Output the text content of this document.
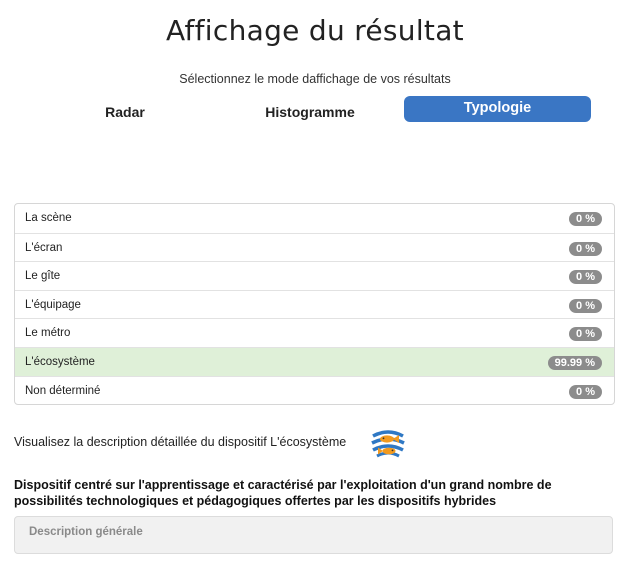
Affichage du résultat
Sélectionnez le mode daffichage de vos résultats
Radar	Histogramme	Typologie
La scène	0 %
L'écran	0 %
Le gîte	0 %
L'équipage	0 %
Le métro	0 %
L'écosystème	99.99 %
Non déterminé	0 %
Visualisez la description détaillée du dispositif L'écosystème
Dispositif centré sur l'apprentissage et caractérisé par l'exploitation d'un grand nombre de possibilités technologiques et pédagogiques offertes par les dispositifs hybrides
Description générale
